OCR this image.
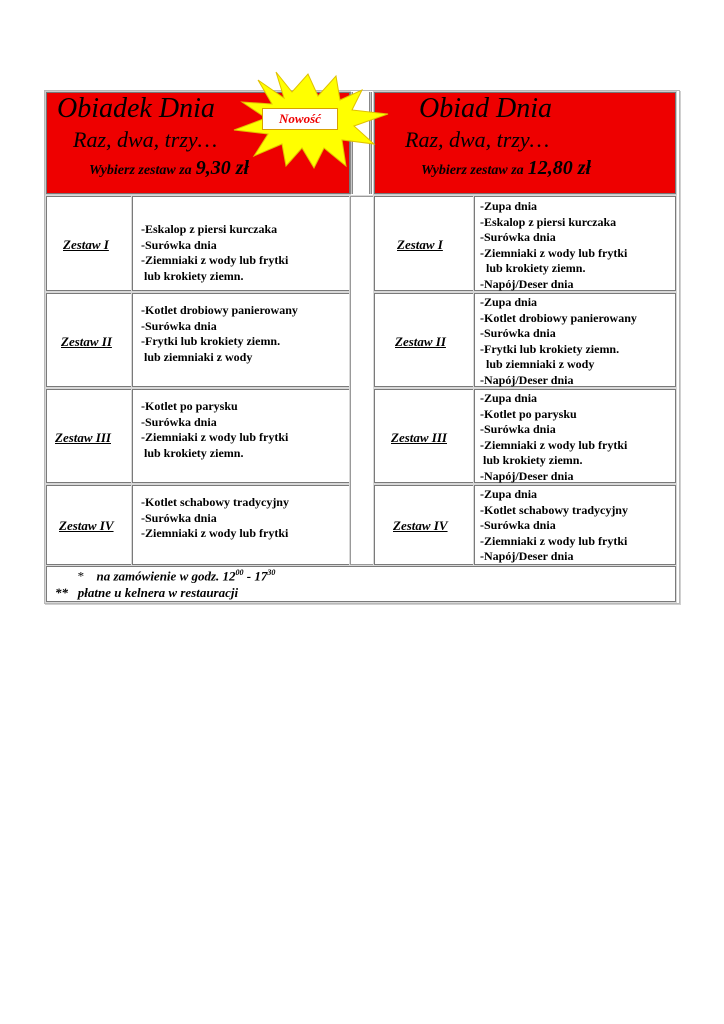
Obiadek Dnia
Raz, dwa, trzy…
Wybierz zestaw za 9,30 zł
Obiad Dnia
Raz, dwa, trzy…
Wybierz zestaw za 12,80 zł
Nowość
Zestaw I
-Eskalop z piersi kurczaka
-Surówka dnia
-Ziemniaki z wody lub frytki
lub krokiety ziemn.
Zestaw II
-Kotlet drobiowy panierowany
-Surówka dnia
-Frytki lub krokiety ziemn.
lub ziemniaki z wody
Zestaw III
-Kotlet po parysku
-Surówka dnia
-Ziemniaki z wody lub frytki
lub krokiety ziemn.
Zestaw IV
-Kotlet schabowy tradycyjny
-Surówka dnia
-Ziemniaki z wody lub frytki
Zestaw I
-Zupa dnia
-Eskalop z piersi kurczaka
-Surówka dnia
-Ziemniaki z wody lub frytki
lub krokiety ziemn.
-Napój/Deser dnia
Zestaw II
-Zupa dnia
-Kotlet drobiowy panierowany
-Surówka dnia
-Frytki lub krokiety ziemn.
lub ziemniaki z wody
-Napój/Deser dnia
Zestaw III
-Zupa dnia
-Kotlet po parysku
-Surówka dnia
-Ziemniaki z wody lub frytki
lub krokiety ziemn.
-Napój/Deser dnia
Zestaw IV
-Zupa dnia
-Kotlet schabowy tradycyjny
-Surówka dnia
-Ziemniaki z wody lub frytki
-Napój/Deser dnia
* na zamówienie w godz. $12^{00} - 17^{30}$
** płatne u kelnera w restauracji
